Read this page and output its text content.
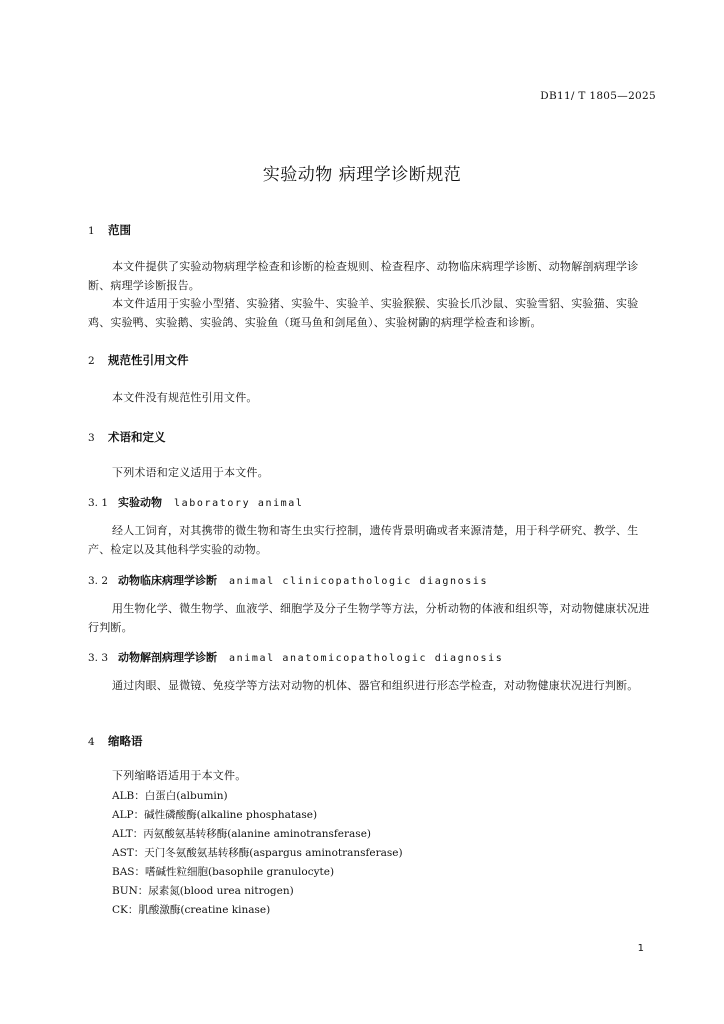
DB11/ T 1805—2025
实验动物 病理学诊断规范
1 范围
本文件提供了实验动物病理学检查和诊断的检查规则、检查程序、动物临床病理学诊断、动物解剖病理学诊断、病理学诊断报告。
本文件适用于实验小型猪、实验猪、实验牛、实验羊、实验猴猴、实验长爪沙鼠、实验雪貂、实验猫、实验鸡、实验鸭、实验鹅、实验鸽、实验鱼（斑马鱼和剑尾鱼）、实验树鼩的病理学检查和诊断。
2 规范性引用文件
本文件没有规范性引用文件。
3 术语和定义
下列术语和定义适用于本文件。
3. 1 实验动物 laboratory animal
经人工饲育，对其携带的微生物和寄生虫实行控制，遗传背景明确或者来源清楚，用于科学研究、教学、生产、检定以及其他科学实验的动物。
3. 2 动物临床病理学诊断 animal clinicopathologic diagnosis
用生物化学、微生物学、血液学、细胞学及分子生物学等方法，分析动物的体液和组织等，对动物健康状况进行判断。
3. 3 动物解剖病理学诊断 animal anatomicopathologic diagnosis
通过肉眼、显微镜、免疫学等方法对动物的机体、器官和组织进行形态学检查，对动物健康状况进行判断。
4 缩略语
下列缩略语适用于本文件。
ALB：白蛋白(albumin)
ALP：碱性磷酸酶(alkaline phosphatase)
ALT：丙氨酸氨基转移酶(alanine aminotransferase)
AST：天门冬氨酸氨基转移酶(aspargus aminotransferase)
BAS：嗜碱性粒细胞(basophile granulocyte)
BUN：尿素氮(blood urea nitrogen)
CK：肌酸激酶(creatine kinase)
1
